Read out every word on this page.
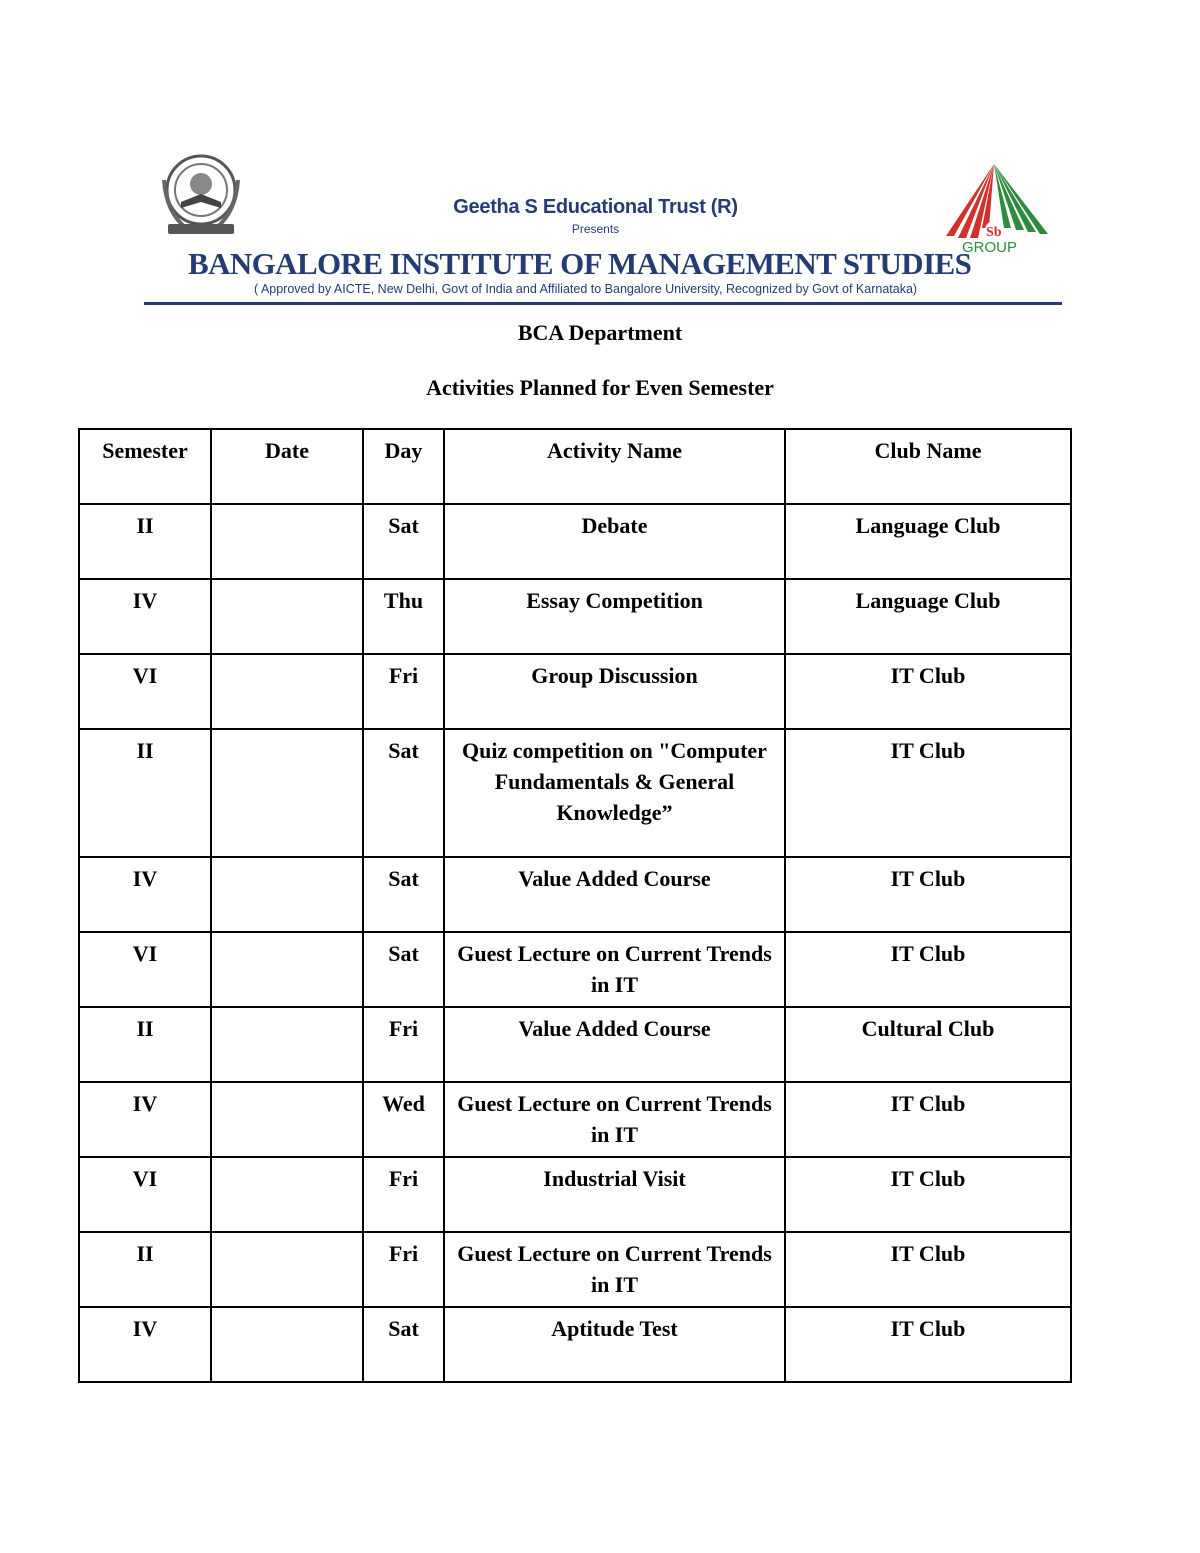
Geetha S Educational Trust (R)
Presents	Sb
GROUP
BANGALORE INSTITUTE OF MANAGEMENT STUDIES
( Approved by AICTE, New Delhi, Govt of India and Affiliated to Bangalore University, Recognized by Govt of Karnataka)
BCA Department
Activities Planned for Even Semester
Semester	Date	Day	Activity Name	Club Name
II		Sat	Debate	Language Club
IV		Thu	Essay Competition	Language Club
VI		Fri	Group Discussion	IT Club
II		Sat	Quiz competition on "Computer Fundamentals & General Knowledge”	IT Club
IV		Sat	Value Added Course	IT Club
VI		Sat	Guest Lecture on Current Trends in IT	IT Club
II		Fri	Value Added Course	Cultural Club
IV		Wed	Guest Lecture on Current Trends in IT	IT Club
VI		Fri	Industrial Visit	IT Club
II		Fri	Guest Lecture on Current Trends in IT	IT Club
IV		Sat	Aptitude Test	IT Club
